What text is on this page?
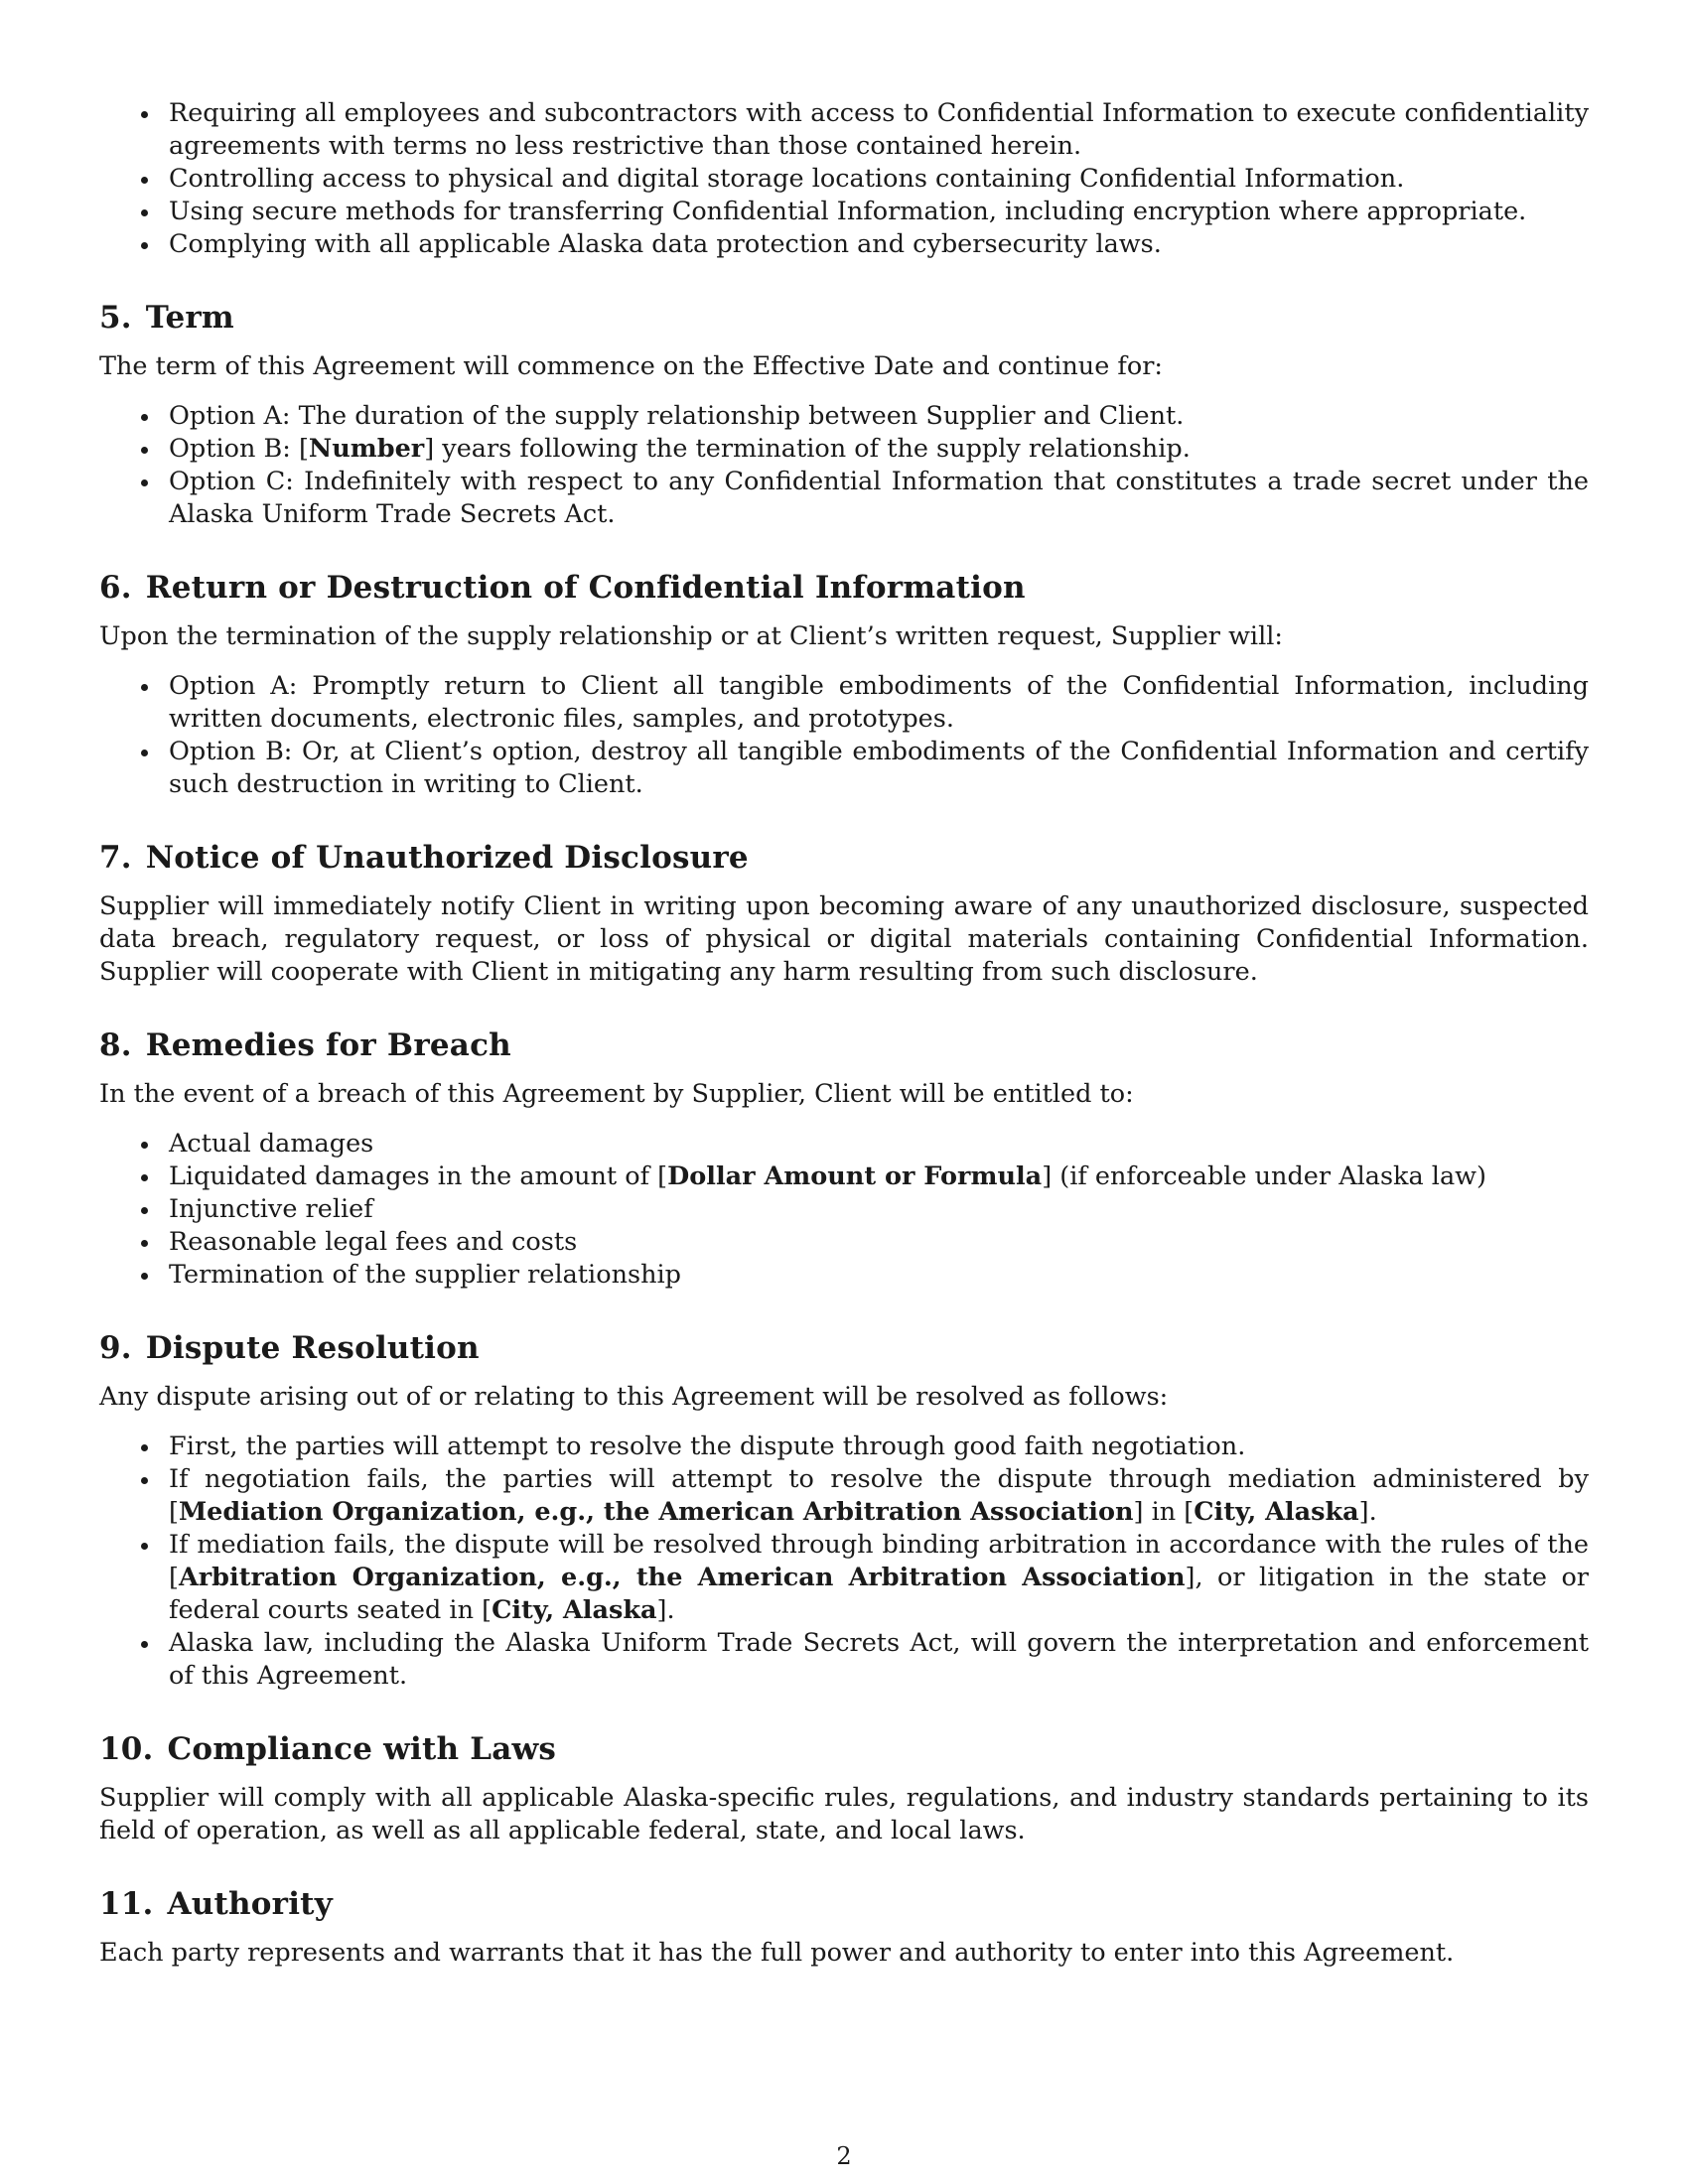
Requiring all employees and subcontractors with access to Confidential Information to execute confidentiality agreements with terms no less restrictive than those contained herein.
Controlling access to physical and digital storage locations containing Confidential Information.
Using secure methods for transferring Confidential Information, including encryption where appropriate.
Complying with all applicable Alaska data protection and cybersecurity laws.
5. Term

The term of this Agreement will commence on the Effective Date and continue for:

Option A: The duration of the supply relationship between Supplier and Client.
Option B: [Number] years following the termination of the supply relationship.
Option C: Indefinitely with respect to any Confidential Information that constitutes a trade secret under the Alaska Uniform Trade Secrets Act.
6. Return or Destruction of Confidential Information

Upon the termination of the supply relationship or at Client’s written request, Supplier will:

Option A: Promptly return to Client all tangible embodiments of the Confidential Information, including written documents, electronic files, samples, and prototypes.
Option B: Or, at Client’s option, destroy all tangible embodiments of the Confidential Information and certify such destruction in writing to Client.
7. Notice of Unauthorized Disclosure

Supplier will immediately notify Client in writing upon becoming aware of any unauthorized disclosure, suspected data breach, regulatory request, or loss of physical or digital materials containing Confidential Information. Supplier will cooperate with Client in mitigating any harm resulting from such disclosure.

8. Remedies for Breach

In the event of a breach of this Agreement by Supplier, Client will be entitled to:

Actual damages
Liquidated damages in the amount of [Dollar Amount or Formula] (if enforceable under Alaska law)
Injunctive relief
Reasonable legal fees and costs
Termination of the supplier relationship
9. Dispute Resolution

Any dispute arising out of or relating to this Agreement will be resolved as follows:

First, the parties will attempt to resolve the dispute through good faith negotiation.
If negotiation fails, the parties will attempt to resolve the dispute through mediation administered by [Mediation Organization, e.g., the American Arbitration Association] in [City, Alaska].
If mediation fails, the dispute will be resolved through binding arbitration in accordance with the rules of the [Arbitration Organization, e.g., the American Arbitration Association], or litigation in the state or federal courts seated in [City, Alaska].
Alaska law, including the Alaska Uniform Trade Secrets Act, will govern the interpretation and enforcement of this Agreement.
10. Compliance with Laws

Supplier will comply with all applicable Alaska-specific rules, regulations, and industry standards pertaining to its field of operation, as well as all applicable federal, state, and local laws.

11. Authority

Each party represents and warrants that it has the full power and authority to enter into this Agreement.

2
